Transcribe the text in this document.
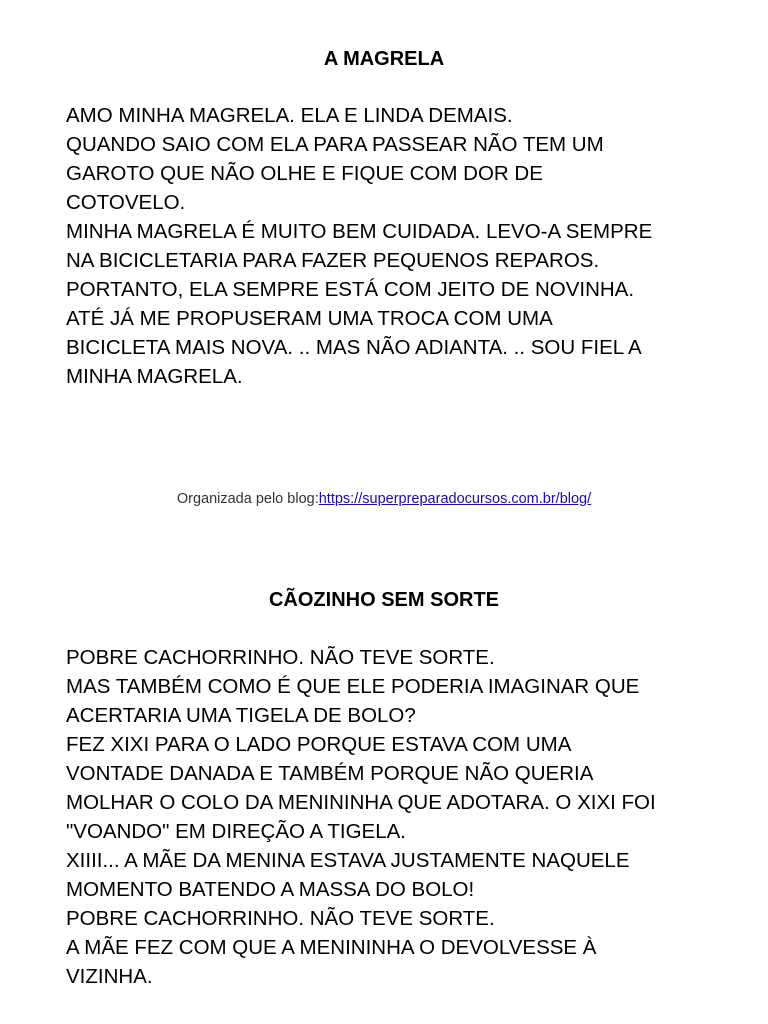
A MAGRELA
AMO MINHA MAGRELA. ELA E LINDA DEMAIS.
QUANDO SAIO COM ELA PARA PASSEAR NÃO TEM UM
GAROTO QUE NÃO OLHE E FIQUE COM DOR DE
COTOVELO.
MINHA MAGRELA É MUITO BEM CUIDADA. LEVO-A SEMPRE
NA BICICLETARIA PARA FAZER PEQUENOS REPAROS.
PORTANTO, ELA SEMPRE ESTÁ COM JEITO DE NOVINHA.
ATÉ JÁ ME PROPUSERAM UMA TROCA COM UMA
BICICLETA MAIS NOVA. .. MAS NÃO ADIANTA. .. SOU FIEL A
MINHA MAGRELA.
Organizada pelo blog:https://superpreparadocursos.com.br/blog/
CÃOZINHO SEM SORTE
POBRE CACHORRINHO. NÃO TEVE SORTE.
MAS TAMBÉM COMO É QUE ELE PODERIA IMAGINAR QUE
ACERTARIA UMA TIGELA DE BOLO?
FEZ XIXI PARA O LADO PORQUE ESTAVA COM UMA
VONTADE DANADA E TAMBÉM PORQUE NÃO QUERIA
MOLHAR O COLO DA MENININHA QUE ADOTARA. O XIXI FOI
"VOANDO" EM DIREÇÃO A TIGELA.
XIIII... A MÃE DA MENINA ESTAVA JUSTAMENTE NAQUELE
MOMENTO BATENDO A MASSA DO BOLO!
POBRE CACHORRINHO. NÃO TEVE SORTE.
A MÃE FEZ COM QUE A MENININHA O DEVOLVESSE À
VIZINHA.
